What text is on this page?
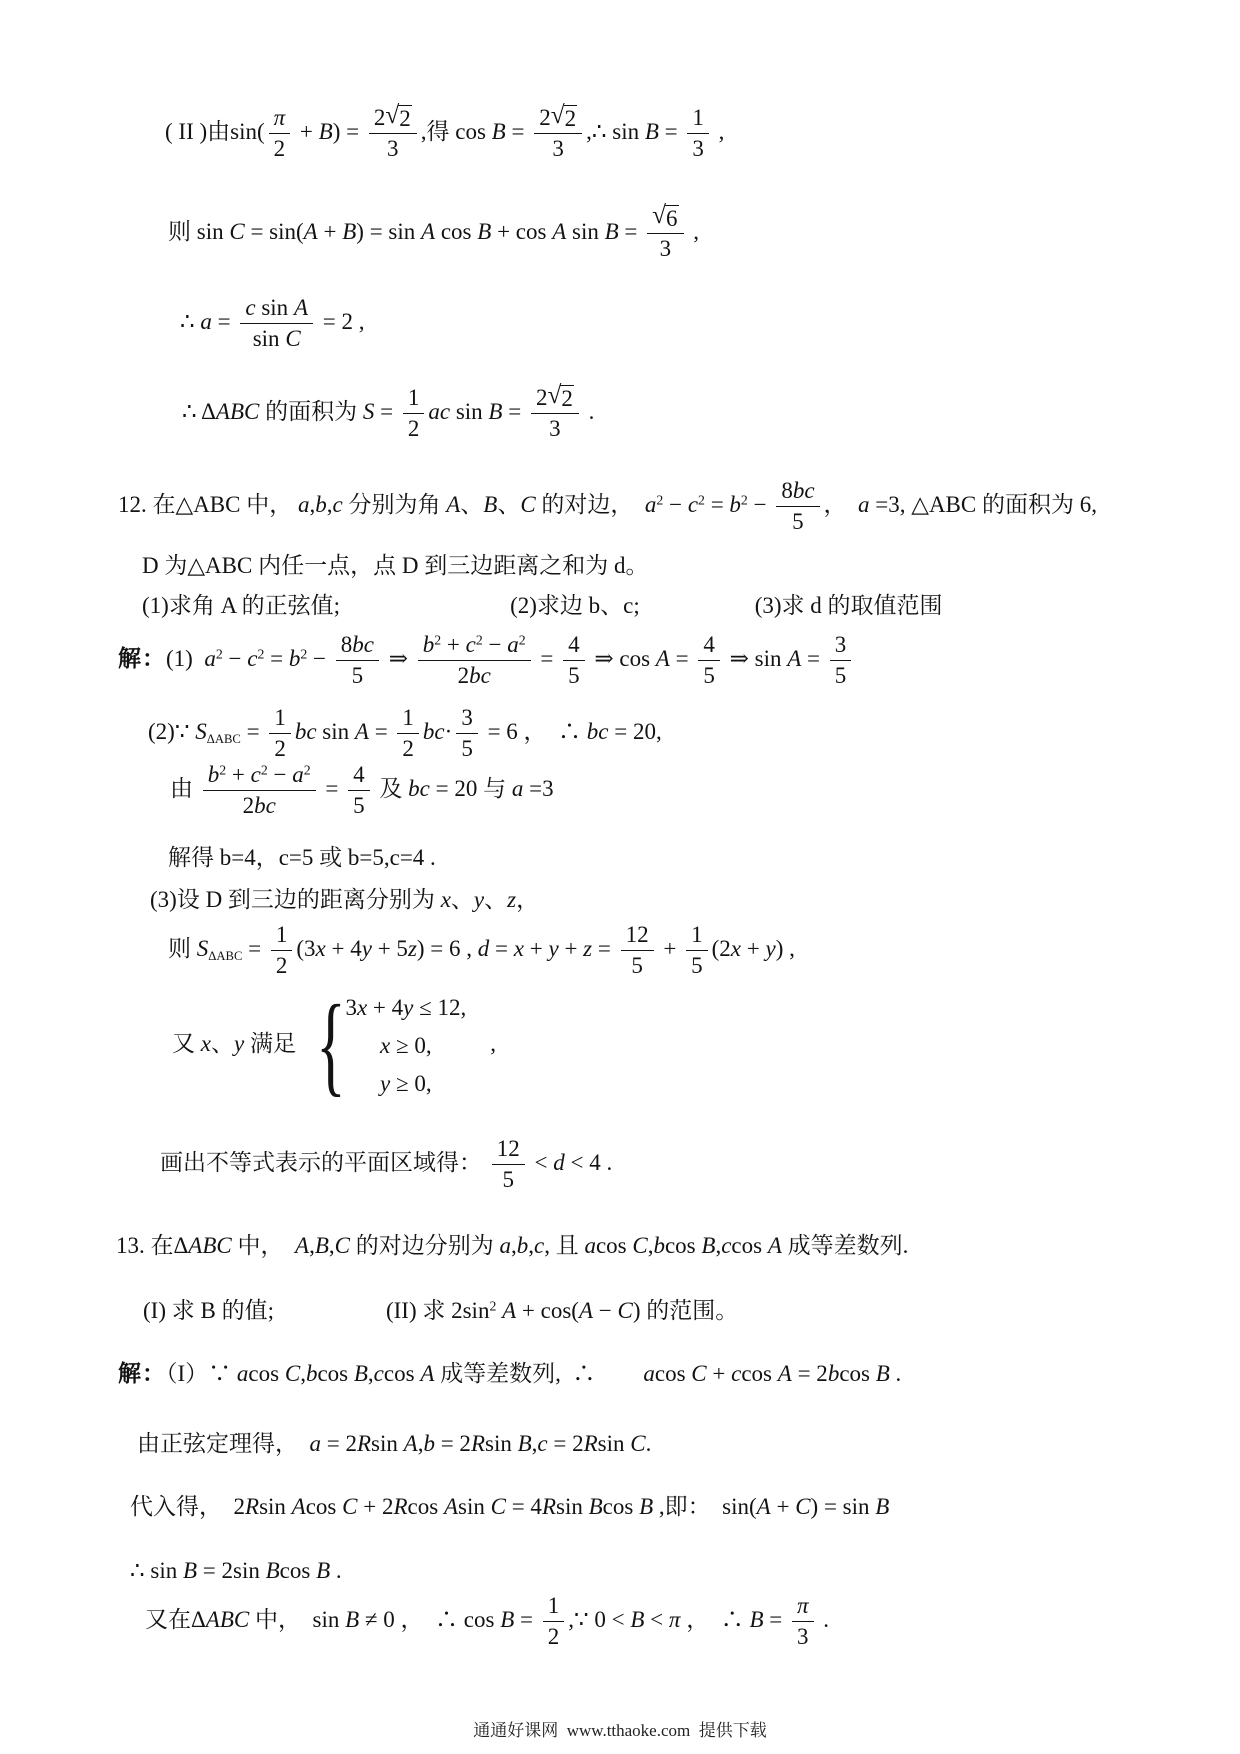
( II )由$\sin( \frac{\pi}{2} + B) = \frac{2 √ 2}{3}$ ,得 $\cos B = \frac{2 √ 2}{3}$ ,∴ $\sin B = \frac{1}{3}$ ,
则 sin C = sin(A + B) = sin A cos B + cos A $\sin B = \frac{√ 6}{3}$ ,
∴ $a = \frac{\text{c sin A}}{\text{sin C}} = 2$ ,
∴ ΔABC 的面积为 $S = \frac{1}{2}$ ac $\sin B = \frac{2 √ 2}{3}$ .
12. 在△ABC 中， a,b,c 分别为角 A、B、C 的对边，  $a^2 - c^2 = b^2 - \frac{8bc}{5}$ ，  a =3, △ABC 的面积为 6,
D 为△ABC 内任一点，点 D 到三边距离之和为 d。
(1)求角 A 的正弦值;	(2)求边 b、c;	(3)求 d 的取值范围
解：(1)  $a^2 - c^2 = b^2 - \frac{8bc}{5}$ ⇒ $\frac{b^2 + c^2 - a^2}{2bc} = \frac{4}{5}$ ⇒ $\cos A = \frac{4}{5}$ ⇒ $\sin A = \frac{3}{5}$
(2)∵ $S_{\Delta ABC} = \frac{1}{2}$ bc $\sin A = \frac{1}{2} bc\cdot \frac{3}{5} = 6$ ，  ∴ bc = 20,
由 $\frac{b^2 + c^2 - a^2}{2bc} = \frac{4}{5}$ 及 bc = 20 与 a =3
解得 b=4，c=5 或 b=5,c=4 .
(3)设 D 到三边的距离分别为 x、y、z，
则 $S_{\Delta ABC} = \frac{1}{2} (3x + 4y + 5z) = 6$ , $d = x + y + z = \frac{12}{5} + \frac{1}{5} (2x + y)$ ,
又 x、y 满足 { 3x + 4y ≤ 12,
x ≥ 0,
y ≥ 0,
,
画出不等式表示的平面区域得： $\frac{12}{5} < d < 4$ .
13. 在ΔABC 中，  A,B,C 的对边分别为 a,b,c, 且 acos C,bcos B,ccos A 成等差数列.
(I) 求 B 的值;	(II) 求 $2\sin^2$ A + cos(A − C) 的范围。
解：（I）∵ acos C,bcos B,ccos A 成等差数列,  ∴ acos C + ccos A = 2bcos B .
由正弦定理得，  a = 2Rsin A,b = 2Rsin B,c = 2Rsin C.
代入得，  2Rsin Acos C + 2Rcos Asin C = 4Rsin Bcos B ,即：  sin(A + C) = sin B
∴ sin B = 2sin Bcos B .
又在ΔABC 中，  sin B ≠ 0 ，  ∴ $\cos B = \frac{1}{2}$ ,∵ 0 < B < π ，  ∴ $B = \frac{\pi}{3}$ .
通通好课网  www.tthaoke.com  提供下载
